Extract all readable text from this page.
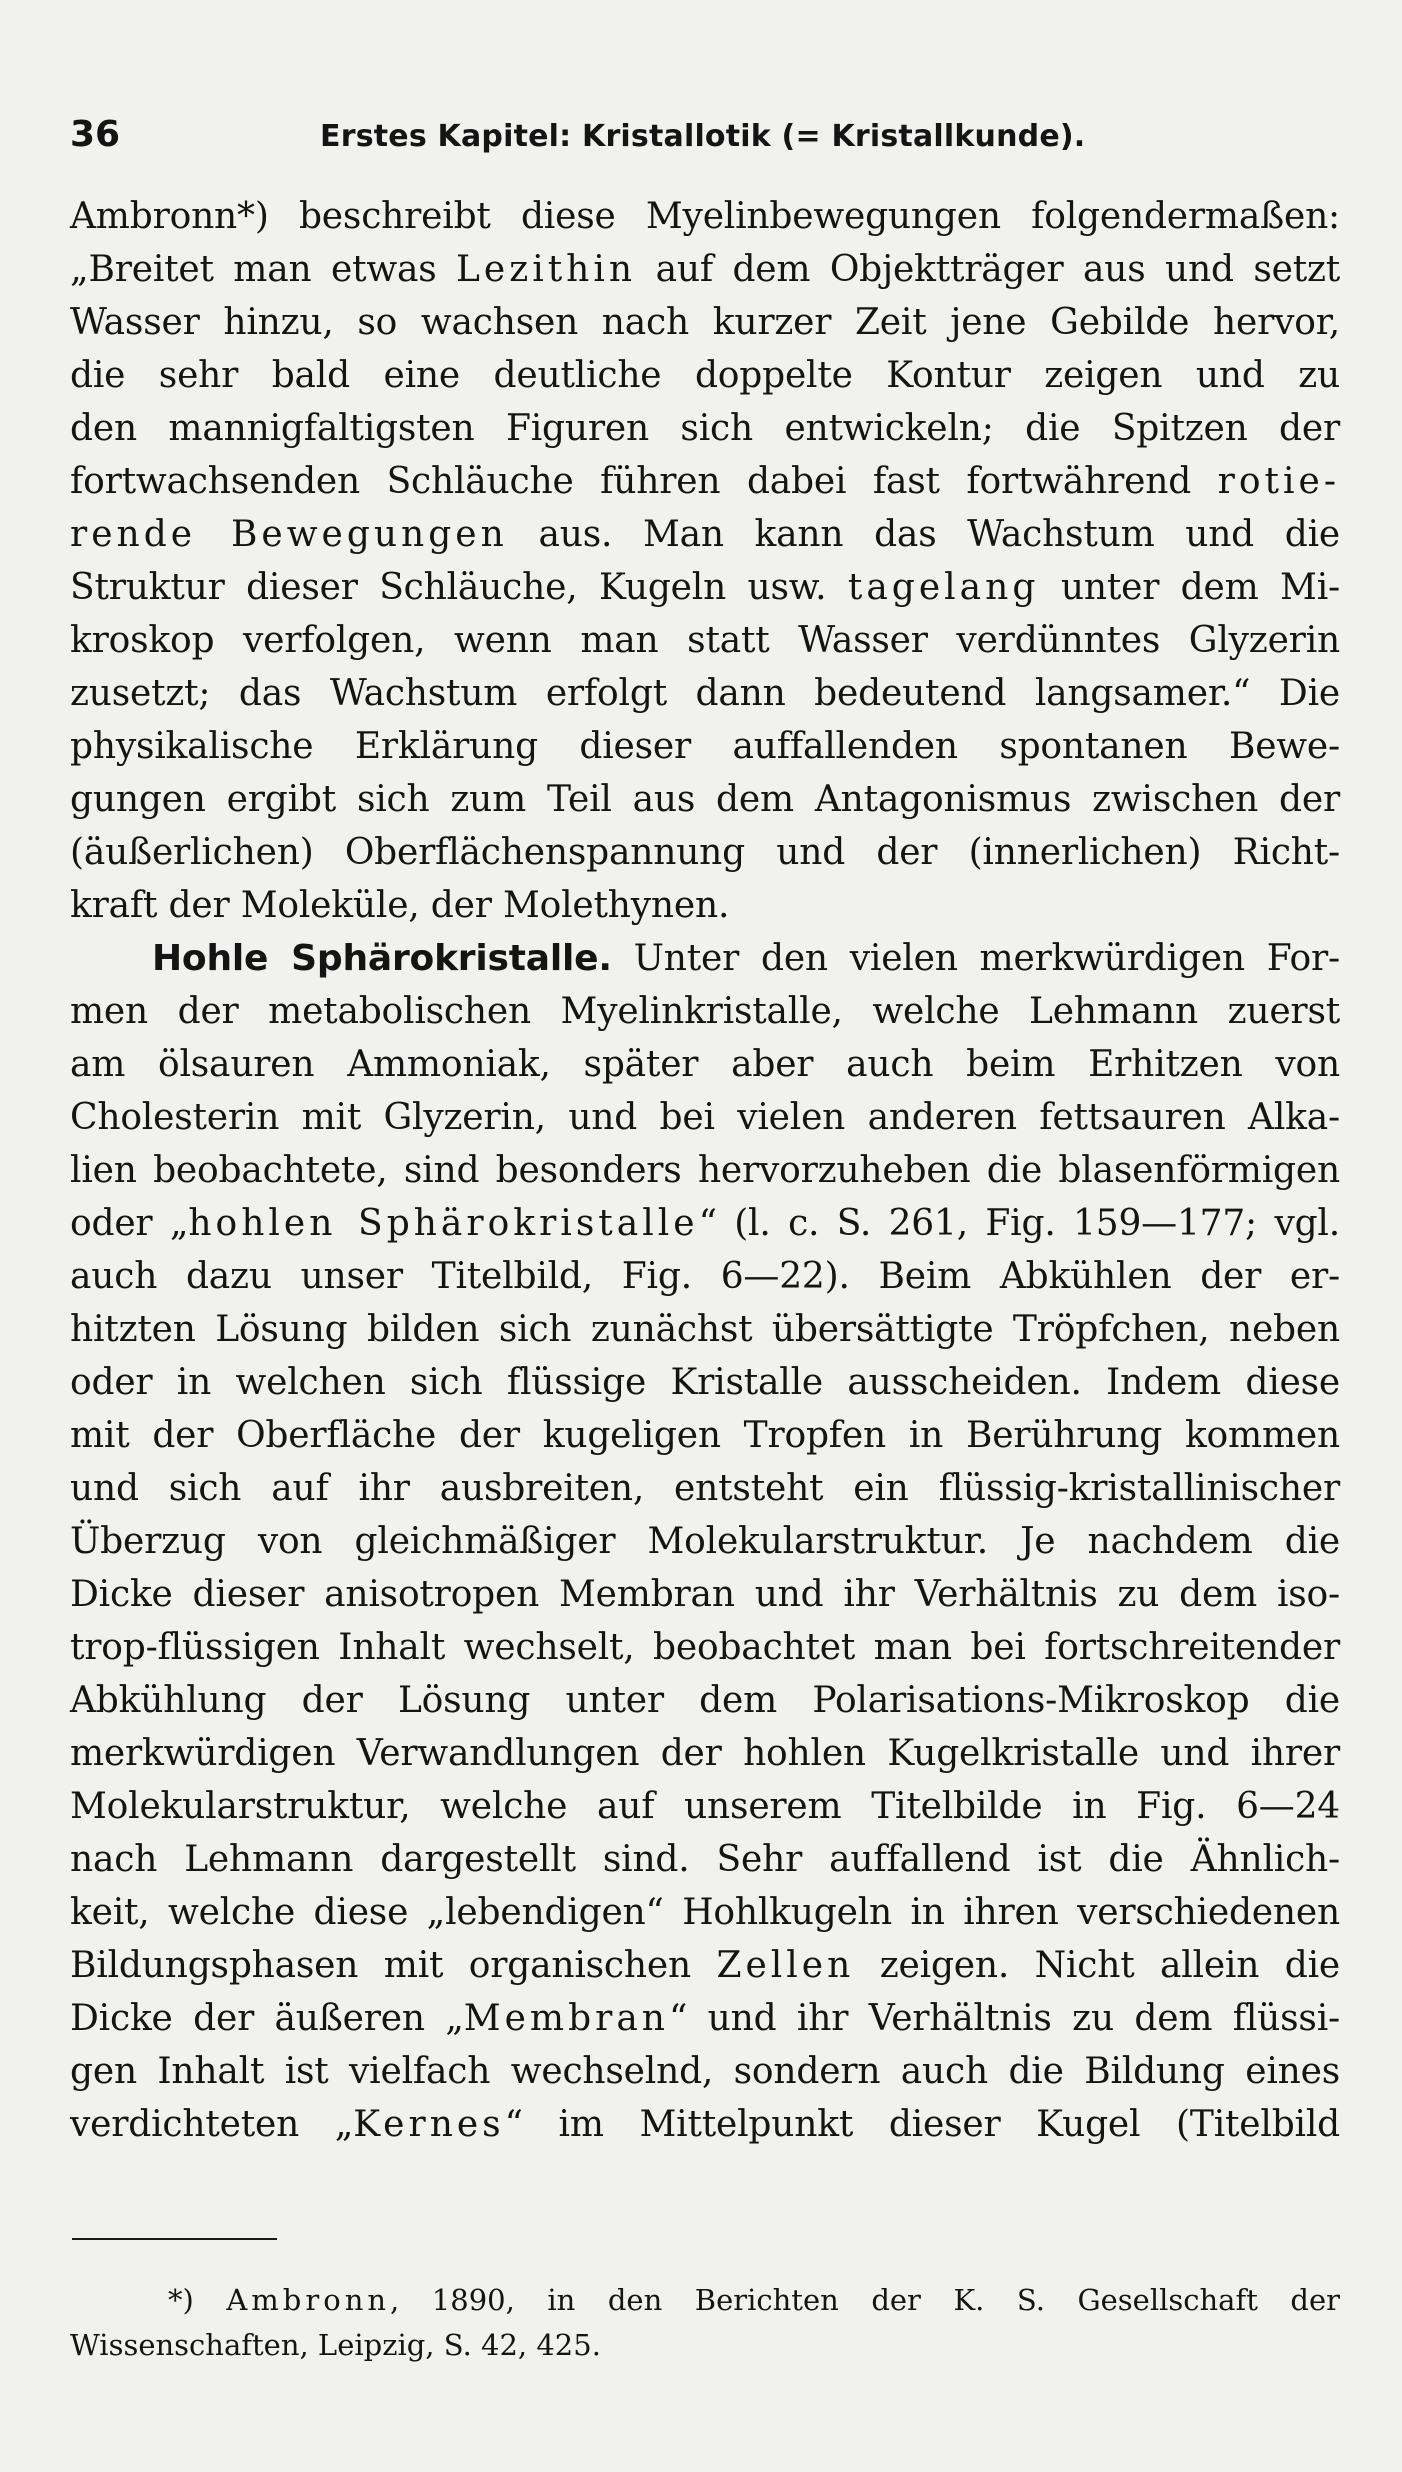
36	Erstes Kapitel: Kristallotik (= Kristallkunde).
Ambronn*) beschreibt diese Myelinbewegungen folgendermaßen:
„Breitet man etwas Lezithin auf dem Objektträger aus und setzt
Wasser hinzu, so wachsen nach kurzer Zeit jene Gebilde hervor,
die sehr bald eine deutliche doppelte Kontur zeigen und zu
den mannigfaltigsten Figuren sich entwickeln; die Spitzen der
fortwachsenden Schläuche führen dabei fast fortwährend rotie-
rende Bewegungen aus. Man kann das Wachstum und die
Struktur dieser Schläuche, Kugeln usw. tagelang unter dem Mi-
kroskop verfolgen, wenn man statt Wasser verdünntes Glyzerin
zusetzt; das Wachstum erfolgt dann bedeutend langsamer.“ Die
physikalische Erklärung dieser auffallenden spontanen Bewe-
gungen ergibt sich zum Teil aus dem Antagonismus zwischen der
(äußerlichen) Oberflächenspannung und der (innerlichen) Richt-
kraft der Moleküle, der Molethynen.
Hohle Sphärokristalle. Unter den vielen merkwürdigen For-
men der metabolischen Myelinkristalle, welche Lehmann zuerst
am ölsauren Ammoniak, später aber auch beim Erhitzen von
Cholesterin mit Glyzerin, und bei vielen anderen fettsauren Alka-
lien beobachtete, sind besonders hervorzuheben die blasenförmigen
oder „hohlen Sphärokristalle“ (l. c. S. 261, Fig. 159—177; vgl.
auch dazu unser Titelbild, Fig. 6—22). Beim Abkühlen der er-
hitzten Lösung bilden sich zunächst übersättigte Tröpfchen, neben
oder in welchen sich flüssige Kristalle ausscheiden. Indem diese
mit der Oberfläche der kugeligen Tropfen in Berührung kommen
und sich auf ihr ausbreiten, entsteht ein flüssig-kristallinischer
Überzug von gleichmäßiger Molekularstruktur. Je nachdem die
Dicke dieser anisotropen Membran und ihr Verhältnis zu dem iso-
trop-flüssigen Inhalt wechselt, beobachtet man bei fortschreitender
Abkühlung der Lösung unter dem Polarisations-Mikroskop die
merkwürdigen Verwandlungen der hohlen Kugelkristalle und ihrer
Molekularstruktur, welche auf unserem Titelbilde in Fig. 6—24
nach Lehmann dargestellt sind. Sehr auffallend ist die Ähnlich-
keit, welche diese „lebendigen“ Hohlkugeln in ihren verschiedenen
Bildungsphasen mit organischen Zellen zeigen. Nicht allein die
Dicke der äußeren „Membran“ und ihr Verhältnis zu dem flüssi-
gen Inhalt ist vielfach wechselnd, sondern auch die Bildung eines
verdichteten „Kernes“ im Mittelpunkt dieser Kugel (Titelbild
*) Ambronn, 1890, in den Berichten der K. S. Gesellschaft der
Wissenschaften, Leipzig, S. 42, 425.
